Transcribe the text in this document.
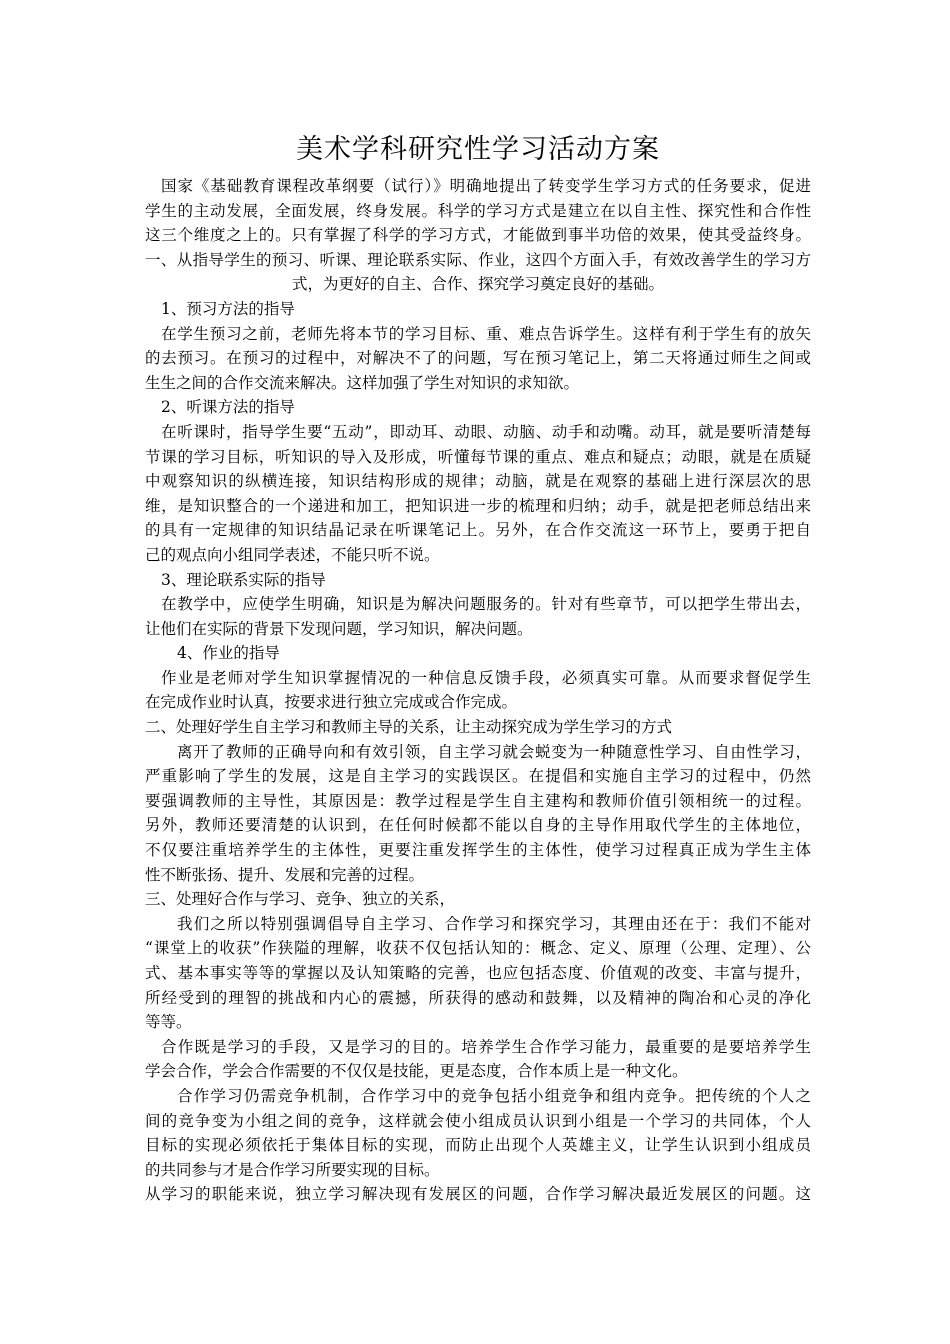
美术学科研究性学习活动方案
国家《基础教育课程改革纲要（试行）》明确地提出了转变学生学习方式的任务要求，促进
学生的主动发展，全面发展，终身发展。科学的学习方式是建立在以自主性、探究性和合作性
这三个维度之上的。只有掌握了科学的学习方式，才能做到事半功倍的效果，使其受益终身。
一、从指导学生的预习、听课、理论联系实际、作业，这四个方面入手，有效改善学生的学习方
式，为更好的自主、合作、探究学习奠定良好的基础。
1、预习方法的指导
在学生预习之前，老师先将本节的学习目标、重、难点告诉学生。这样有利于学生有的放矢
的去预习。在预习的过程中，对解决不了的问题，写在预习笔记上，第二天将通过师生之间或
生生之间的合作交流来解决。这样加强了学生对知识的求知欲。
2、听课方法的指导
在听课时，指导学生要“五动”，即动耳、动眼、动脑、动手和动嘴。动耳，就是要听清楚每
节课的学习目标，听知识的导入及形成，听懂每节课的重点、难点和疑点；动眼，就是在质疑
中观察知识的纵横连接，知识结构形成的规律；动脑，就是在观察的基础上进行深层次的思
维，是知识整合的一个递进和加工，把知识进一步的梳理和归纳；动手，就是把老师总结出来
的具有一定规律的知识结晶记录在听课笔记上。另外，在合作交流这一环节上，要勇于把自
己的观点向小组同学表述，不能只听不说。
3、理论联系实际的指导
在教学中，应使学生明确，知识是为解决问题服务的。针对有些章节，可以把学生带出去，
让他们在实际的背景下发现问题，学习知识，解决问题。
4、作业的指导
作业是老师对学生知识掌握情况的一种信息反馈手段，必须真实可靠。从而要求督促学生
在完成作业时认真，按要求进行独立完成或合作完成。
二、处理好学生自主学习和教师主导的关系，让主动探究成为学生学习的方式
离开了教师的正确导向和有效引领，自主学习就会蜕变为一种随意性学习、自由性学习，
严重影响了学生的发展，这是自主学习的实践误区。在提倡和实施自主学习的过程中，仍然
要强调教师的主导性，其原因是：教学过程是学生自主建构和教师价值引领相统一的过程。
另外，教师还要清楚的认识到，在任何时候都不能以自身的主导作用取代学生的主体地位，
不仅要注重培养学生的主体性，更要注重发挥学生的主体性，使学习过程真正成为学生主体
性不断张扬、提升、发展和完善的过程。
三、处理好合作与学习、竞争、独立的关系，
我们之所以特别强调倡导自主学习、合作学习和探究学习，其理由还在于：我们不能对
“课堂上的收获”作狭隘的理解，收获不仅包括认知的：概念、定义、原理（公理、定理）、公
式、基本事实等等的掌握以及认知策略的完善，也应包括态度、价值观的改变、丰富与提升，
所经受到的理智的挑战和内心的震撼，所获得的感动和鼓舞，以及精神的陶冶和心灵的净化
等等。
合作既是学习的手段，又是学习的目的。培养学生合作学习能力，最重要的是要培养学生
学会合作，学会合作需要的不仅仅是技能，更是态度，合作本质上是一种文化。
合作学习仍需竞争机制，合作学习中的竞争包括小组竞争和组内竞争。把传统的个人之
间的竞争变为小组之间的竞争，这样就会使小组成员认识到小组是一个学习的共同体，个人
目标的实现必须依托于集体目标的实现，而防止出现个人英雄主义，让学生认识到小组成员
的共同参与才是合作学习所要实现的目标。
从学习的职能来说，独立学习解决现有发展区的问题，合作学习解决最近发展区的问题。这
